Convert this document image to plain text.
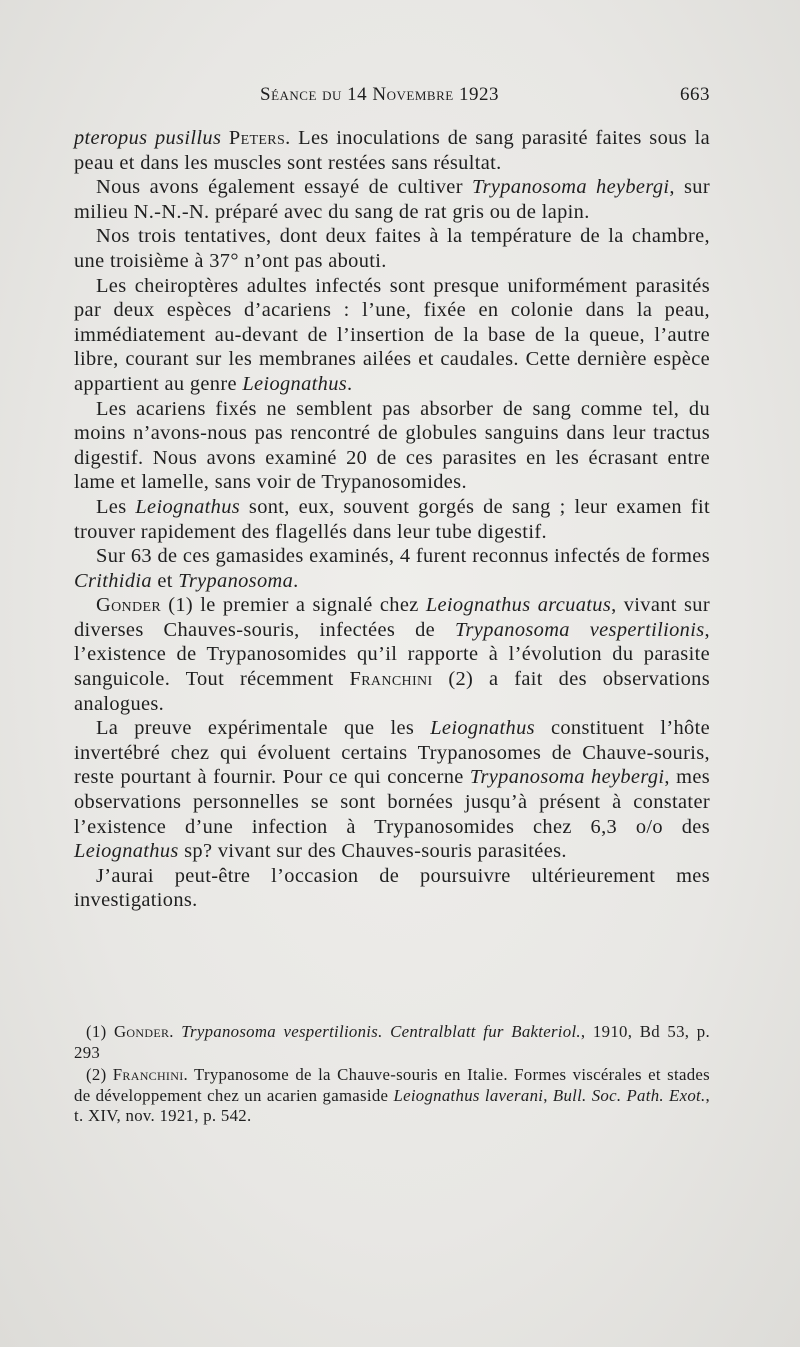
Séance du 14 Novembre 1923	663

pteropus pusillus Peters. Les inoculations de sang parasité faites sous la peau et dans les muscles sont restées sans résultat.

Nous avons également essayé de cultiver Trypanosoma heybergi, sur milieu N.-N.-N. préparé avec du sang de rat gris ou de lapin.

Nos trois tentatives, dont deux faites à la température de la chambre, une troisième à 37° n’ont pas abouti.

Les cheiroptères adultes infectés sont presque uniformément parasités par deux espèces d’acariens : l’une, fixée en colonie dans la peau, immédiatement au-devant de l’insertion de la base de la queue, l’autre libre, courant sur les membranes ailées et caudales. Cette dernière espèce appartient au genre Leiognathus.

Les acariens fixés ne semblent pas absorber de sang comme tel, du moins n’avons-nous pas rencontré de globules sanguins dans leur tractus digestif. Nous avons examiné 20 de ces parasites en les écrasant entre lame et lamelle, sans voir de Trypanosomides.

Les Leiognathus sont, eux, souvent gorgés de sang ; leur examen fit trouver rapidement des flagellés dans leur tube digestif.

Sur 63 de ces gamasides examinés, 4 furent reconnus infectés de formes Crithidia et Trypanosoma.

Gonder (1) le premier a signalé chez Leiognathus arcuatus, vivant sur diverses Chauves-souris, infectées de Trypanosoma vespertilionis, l’existence de Trypanosomides qu’il rapporte à l’évolution du parasite sanguicole. Tout récemment Franchini (2) a fait des observations analogues.

La preuve expérimentale que les Leiognathus constituent l’hôte invertébré chez qui évoluent certains Trypanosomes de Chauve-souris, reste pourtant à fournir. Pour ce qui concerne Trypanosoma heybergi, mes observations personnelles se sont bornées jusqu’à présent à constater l’existence d’une infection à Trypanosomides chez 6,3 o/o des Leiognathus sp? vivant sur des Chauves-souris parasitées.

J’aurai peut-être l’occasion de poursuivre ultérieurement mes investigations.

(1) Gonder. Trypanosoma vespertilionis. Centralblatt fur Bakteriol., 1910, Bd 53, p. 293

(2) Franchini. Trypanosome de la Chauve-souris en Italie. Formes viscérales et stades de développement chez un acarien gamaside Leiognathus laverani, Bull. Soc. Path. Exot., t. XIV, nov. 1921, p. 542.
